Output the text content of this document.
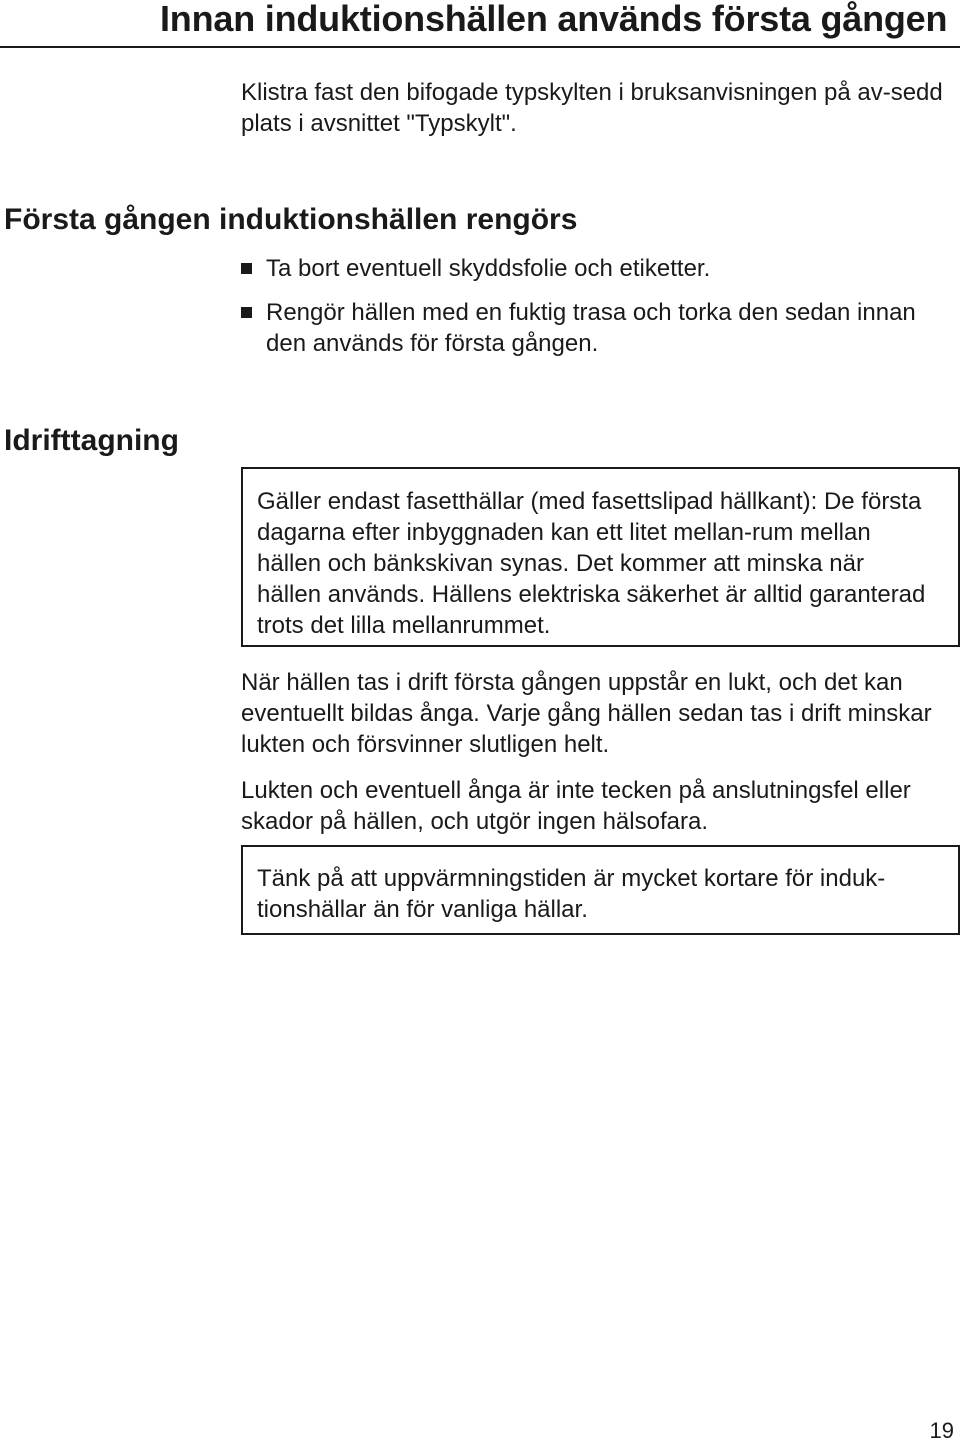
Innan induktionshällen används första gången

Klistra fast den bifogade typskylten i bruksanvisningen på av-sedd plats i avsnittet "Typskylt".

Första gången induktionshällen rengörs
Ta bort eventuell skyddsfolie och etiketter.
Rengör hällen med en fuktig trasa och torka den sedan innan den används för första gången.
Idrifttagning

Gäller endast fasetthällar (med fasettslipad hällkant): De första dagarna efter inbyggnaden kan ett litet mellan-rum mellan hällen och bänkskivan synas. Det kommer att minska när hällen används. Hällens elektriska säkerhet är alltid garanterad trots det lilla mellanrummet.

När hällen tas i drift första gången uppstår en lukt, och det kan eventuellt bildas ånga. Varje gång hällen sedan tas i drift minskar lukten och försvinner slutligen helt.

Lukten och eventuell ånga är inte tecken på anslutningsfel eller skador på hällen, och utgör ingen hälsofara.

Tänk på att uppvärmningstiden är mycket kortare för induk-tionshällar än för vanliga hällar.

19
